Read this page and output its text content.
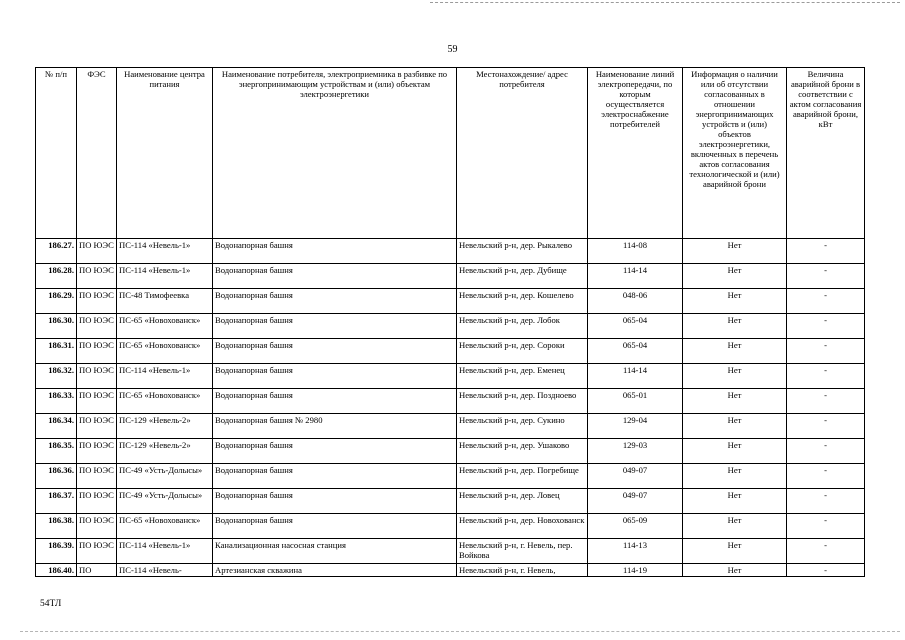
59
№ п/п	ФЭС	Наименование центра питания	Наименование потребителя, электроприемника в разбивке по энергопринимающим устройствам и (или) объектам электроэнергетики	Местонахождение/ адрес потребителя	Наименование линий электропередачи, по которым осуществляется электроснабжение потребителей	Информация о наличии или об отсутствии согласованных в отношении энергопринимающих устройств и (или) объектов электроэнергетики, включенных в перечень актов согласования технологической и (или) аварийной брони	Величина аварийной брони в соответствии с актом согласования аварийной брони, кВт
186.27.	ПО ЮЭС	ПС-114 «Невель-1»	Водонапорная башня	Невельский р-н, дер. Рыкалево	114-08	Нет	-
186.28.	ПО ЮЭС	ПС-114 «Невель-1»	Водонапорная башня	Невельский р-н, дер. Дубище	114-14	Нет	-
186.29.	ПО ЮЭС	ПС-48 Тимофеевка	Водонапорная башня	Невельский р-н, дер. Кошелево	048-06	Нет	-
186.30.	ПО ЮЭС	ПС-65 «Новохованск»	Водонапорная башня	Невельский р-н, дер. Лобок	065-04	Нет	-
186.31.	ПО ЮЭС	ПС-65 «Новохованск»	Водонапорная башня	Невельский р-н, дер. Сороки	065-04	Нет	-
186.32.	ПО ЮЭС	ПС-114 «Невель-1»	Водонапорная башня	Невельский р-н, дер. Еменец	114-14	Нет	-
186.33.	ПО ЮЭС	ПС-65 «Новохованск»	Водонапорная башня	Невельский р-н, дер. Позднoево	065-01	Нет	-
186.34.	ПО ЮЭС	ПС-129 «Невель-2»	Водонапорная башня № 2980	Невельский р-н, дер. Сукино	129-04	Нет	-
186.35.	ПО ЮЭС	ПС-129 «Невель-2»	Водонапорная башня	Невельский р-н, дер. Ушаково	129-03	Нет	-
186.36.	ПО ЮЭС	ПС-49 «Усть-Долысы»	Водонапорная башня	Невельский р-н, дер. Погребище	049-07	Нет	-
186.37.	ПО ЮЭС	ПС-49 «Усть-Долысы»	Водонапорная башня	Невельский р-н, дер. Ловец	049-07	Нет	-
186.38.	ПО ЮЭС	ПС-65 «Новохованск»	Водонапорная башня	Невельский р-н, дер. Новохованск	065-09	Нет	-
186.39.	ПО ЮЭС	ПС-114 «Невель-1»	Канализационная насосная станция	Невельский р-н, г. Невель, пер. Войкова	114-13	Нет	-
186.40.	ПО	ПС-114 «Невель-	Артезианская скважина	Невельский р-н, г. Невель,	114-19	Нет	-
54ТЛ
